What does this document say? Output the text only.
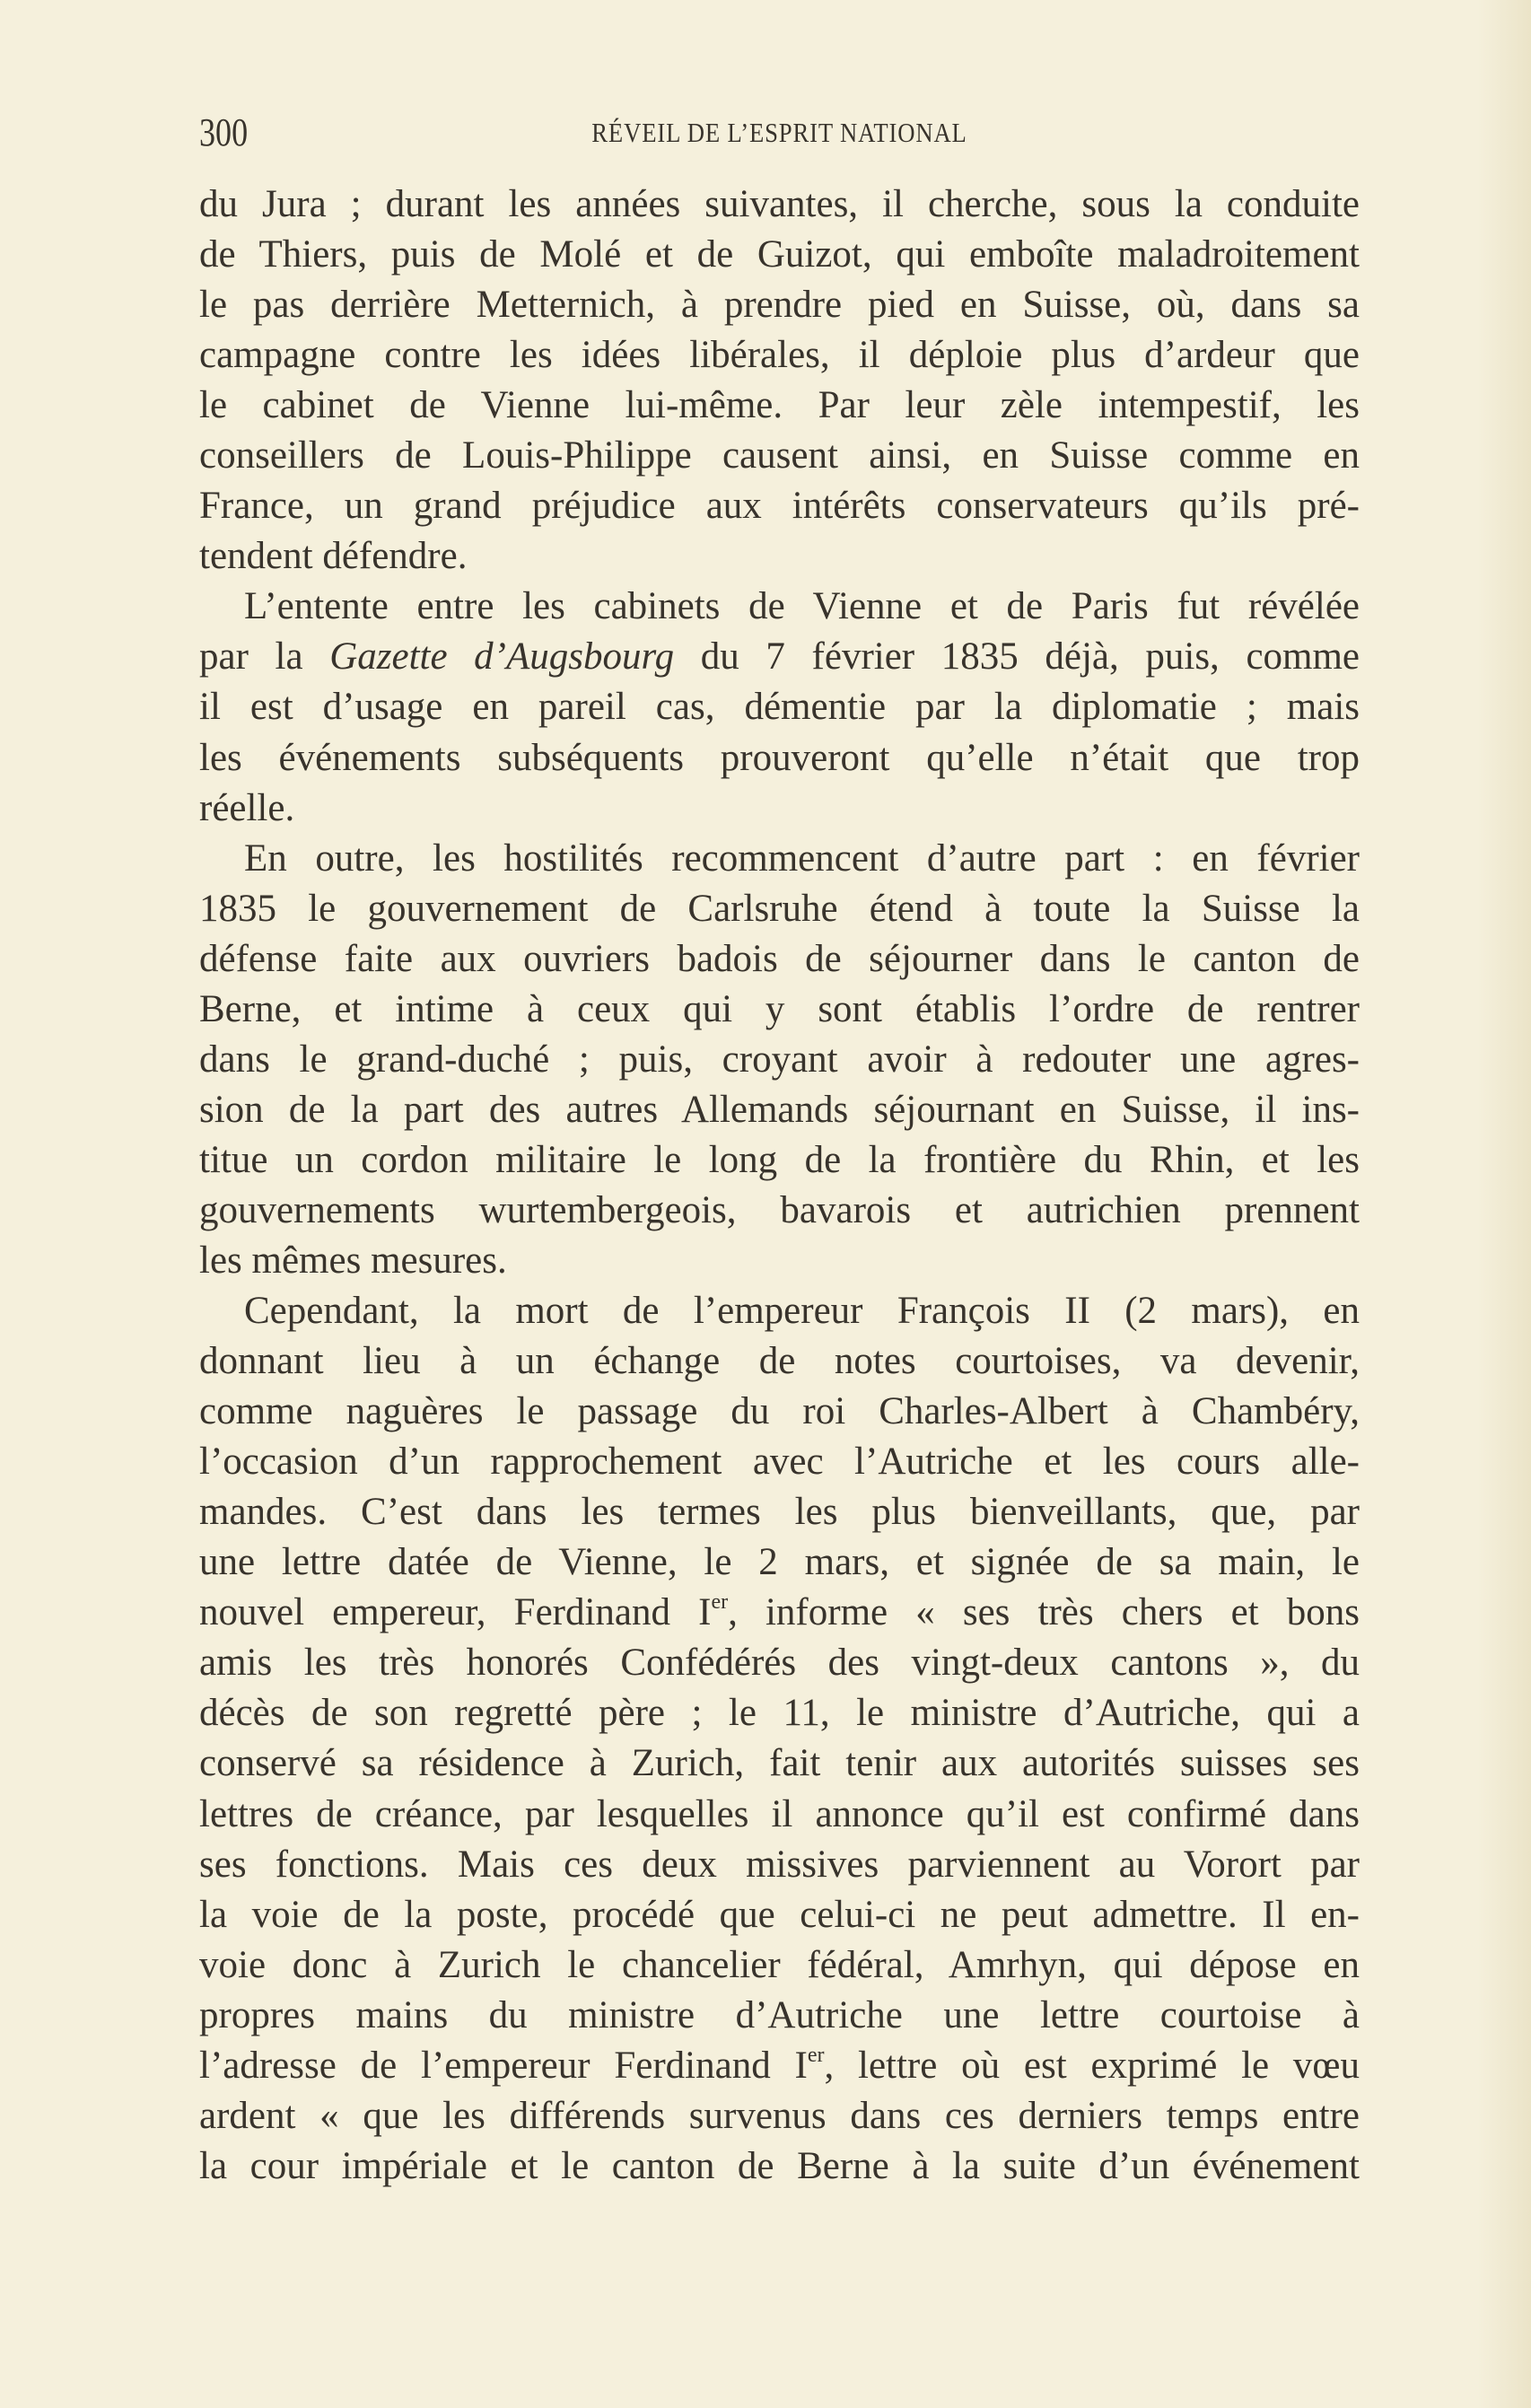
300	RÉVEIL DE L’ESPRIT NATIONAL
du Jura ; durant les années suivantes, il cherche, sous la conduite
de Thiers, puis de Molé et de Guizot, qui emboîte maladroitement
le pas derrière Metternich, à prendre pied en Suisse, où, dans sa
campagne contre les idées libérales, il déploie plus d’ardeur que
le cabinet de Vienne lui-même. Par leur zèle intempestif, les
conseillers de Louis-Philippe causent ainsi, en Suisse comme en
France, un grand préjudice aux intérêts conservateurs qu’ils pré-
tendent défendre.
L’entente entre les cabinets de Vienne et de Paris fut révélée
par la Gazette d’Augsbourg du 7 février 1835 déjà, puis, comme
il est d’usage en pareil cas, démentie par la diplomatie ; mais
les événements subséquents prouveront qu’elle n’était que trop
réelle.
En outre, les hostilités recommencent d’autre part : en février
1835 le gouvernement de Carlsruhe étend à toute la Suisse la
défense faite aux ouvriers badois de séjourner dans le canton de
Berne, et intime à ceux qui y sont établis l’ordre de rentrer
dans le grand-duché ; puis, croyant avoir à redouter une agres-
sion de la part des autres Allemands séjournant en Suisse, il ins-
titue un cordon militaire le long de la frontière du Rhin, et les
gouvernements wurtembergeois, bavarois et autrichien prennent
les mêmes mesures.
Cependant, la mort de l’empereur François II (2 mars), en
donnant lieu à un échange de notes courtoises, va devenir,
comme naguères le passage du roi Charles-Albert à Chambéry,
l’occasion d’un rapprochement avec l’Autriche et les cours alle-
mandes. C’est dans les termes les plus bienveillants, que, par
une lettre datée de Vienne, le 2 mars, et signée de sa main, le
nouvel empereur, Ferdinand Ier, informe « ses très chers et bons
amis les très honorés Confédérés des vingt-deux cantons », du
décès de son regretté père ; le 11, le ministre d’Autriche, qui a
conservé sa résidence à Zurich, fait tenir aux autorités suisses ses
lettres de créance, par lesquelles il annonce qu’il est confirmé dans
ses fonctions. Mais ces deux missives parviennent au Vorort par
la voie de la poste, procédé que celui-ci ne peut admettre. Il en-
voie donc à Zurich le chancelier fédéral, Amrhyn, qui dépose en
propres mains du ministre d’Autriche une lettre courtoise à
l’adresse de l’empereur Ferdinand Ier, lettre où est exprimé le vœu
ardent « que les différends survenus dans ces derniers temps entre
la cour impériale et le canton de Berne à la suite d’un événement
